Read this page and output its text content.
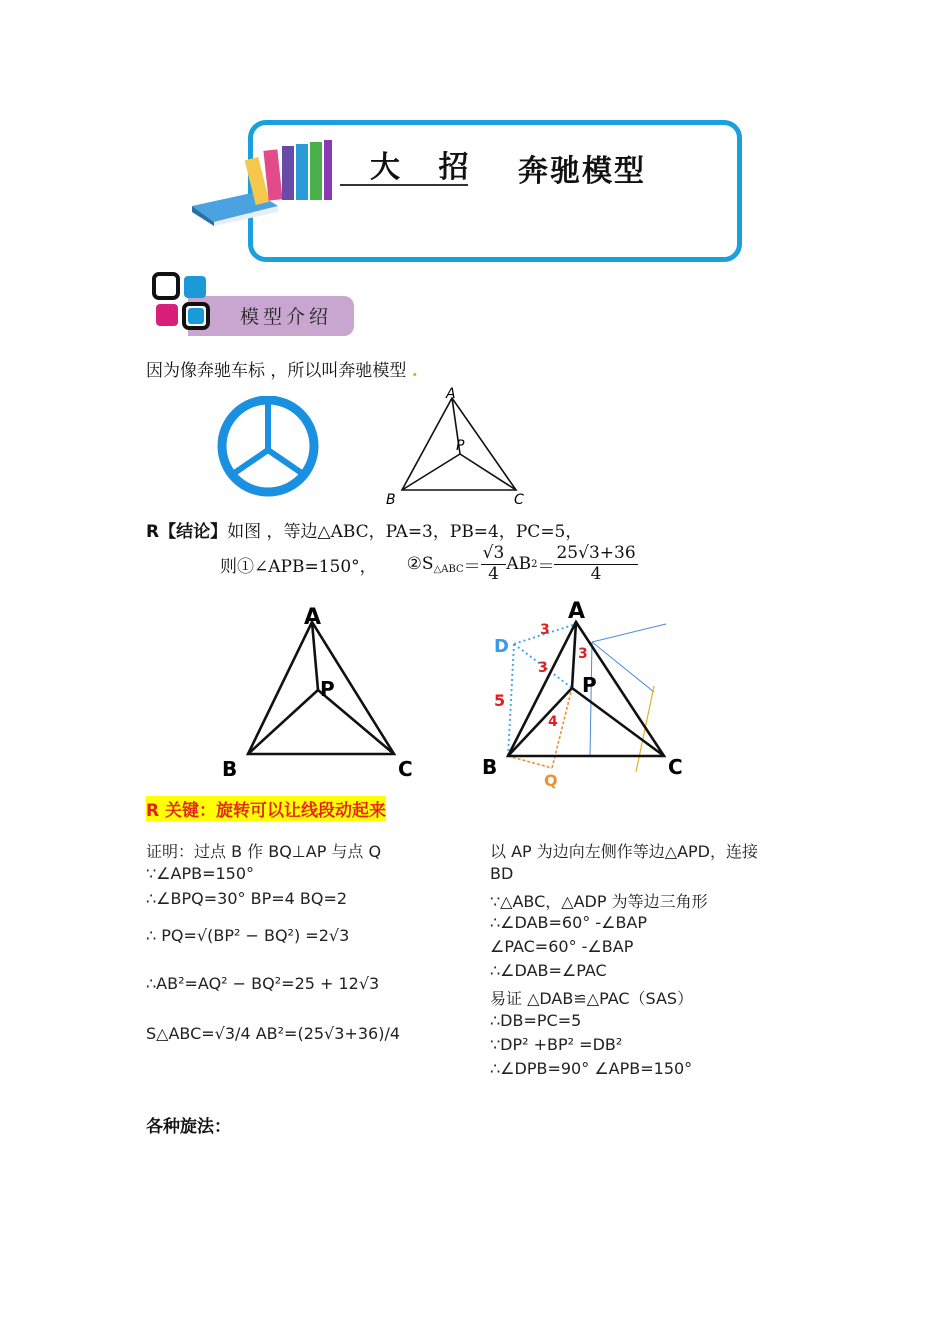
大 招 奔驰模型
模型介绍
因为像奔驰车标 ，所以叫奔驰模型 .
A
P
B	C
R【结论】如图 ，等边△ABC，PA=3，PB=4，PC=5，
则①∠APB=150°， ② S △ABC ＝ $\frac{√3}{4}$ AB $2 = \frac{25√3+36}{4}$
A
P
B	C
A
P
B	C
D
Q
3
3
3
5
4
R 关键：旋转可以让线段动起来
证明：过点 B 作 BQ⊥AP 与点 Q
∵∠APB=150°
∴∠BPQ=30° BP=4 BQ=2
∴ PQ=√(BP² − BQ²) =2√3
∴AB²=AQ² − BQ²=25 + 12√3
S△ABC=√3/4 AB²=(25√3+36)/4
以 AP 为边向左侧作等边△APD，连接
BD
∵△ABC，△ADP 为等边三角形
∴∠DAB=60° -∠BAP
∠PAC=60° -∠BAP
∴∠DAB=∠PAC
易证 △DAB≌△PAC（SAS）
∴DB=PC=5
∵DP² +BP² =DB²
∴∠DPB=90° ∠APB=150°
各种旋法：
